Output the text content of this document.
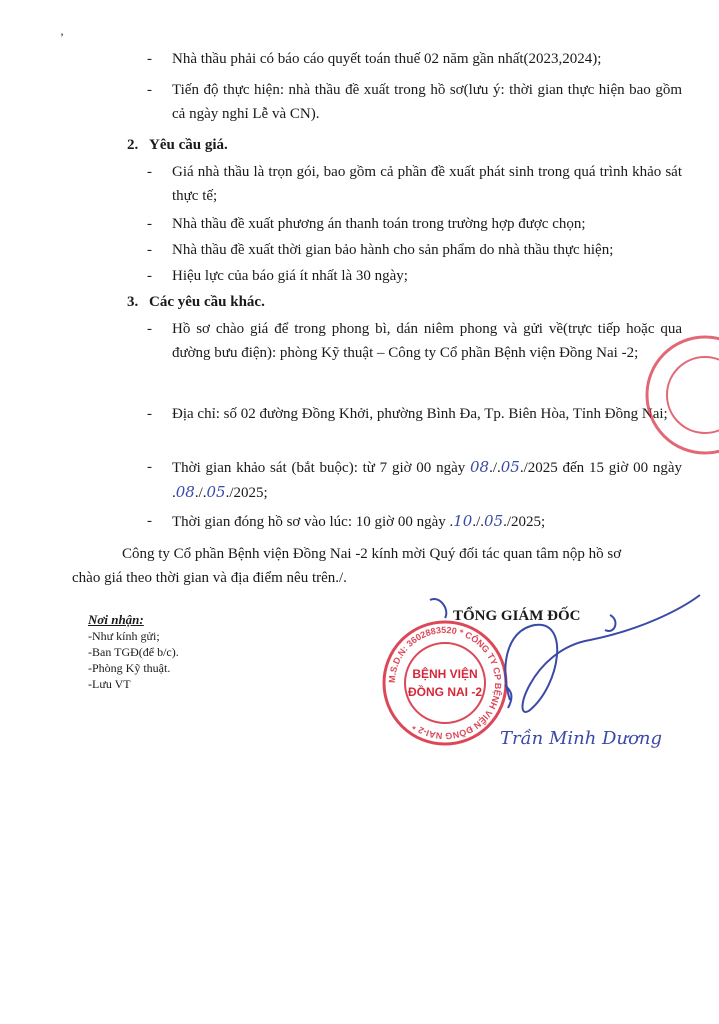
’
- Nhà thầu phải có báo cáo quyết toán thuế 02 năm gần nhất(2023,2024);
- Tiến độ thực hiện: nhà thầu đề xuất trong hồ sơ(lưu ý: thời gian thực hiện bao gồm cả ngày nghỉ Lễ và CN).
2. Yêu cầu giá.
- Giá nhà thầu là trọn gói, bao gồm cả phần đề xuất phát sinh trong quá trình khảo sát thực tế;
- Nhà thầu đề xuất phương án thanh toán trong trường hợp được chọn;
- Nhà thầu đề xuất thời gian bảo hành cho sản phẩm do nhà thầu thực hiện;
- Hiệu lực của báo giá ít nhất là 30 ngày;
3. Các yêu cầu khác.
- Hồ sơ chào giá để trong phong bì, dán niêm phong và gửi về(trực tiếp hoặc qua đường bưu điện): phòng Kỹ thuật – Công ty Cổ phần Bệnh viện Đồng Nai -2;
- Địa chỉ: số 02 đường Đồng Khởi, phường Bình Đa, Tp. Biên Hòa, Tỉnh Đồng Nai;
- Thời gian khảo sát (bắt buộc): từ 7 giờ 00 ngày 08./.05./2025 đến 15 giờ 00 ngày .08./.05./2025;
- Thời gian đóng hồ sơ vào lúc: 10 giờ 00 ngày .10./.05./2025;
Công ty Cổ phần Bệnh viện Đồng Nai -2 kính mời Quý đối tác quan tâm nộp hồ sơ
chào giá theo thời gian và địa điểm nêu trên./.
Nơi nhận:
-Như kính gửi;
-Ban TGĐ(để b/c).
-Phòng Kỹ thuật.
-Lưu VT
TỔNG GIÁM ĐỐC
M.S.D.N: 3602883520 * CÔNG TY CP BỆNH VIỆN ĐỒNG NAI-2 *
BỆNH VIỆN
ĐỒNG NAI -2
Trần Minh Dương
